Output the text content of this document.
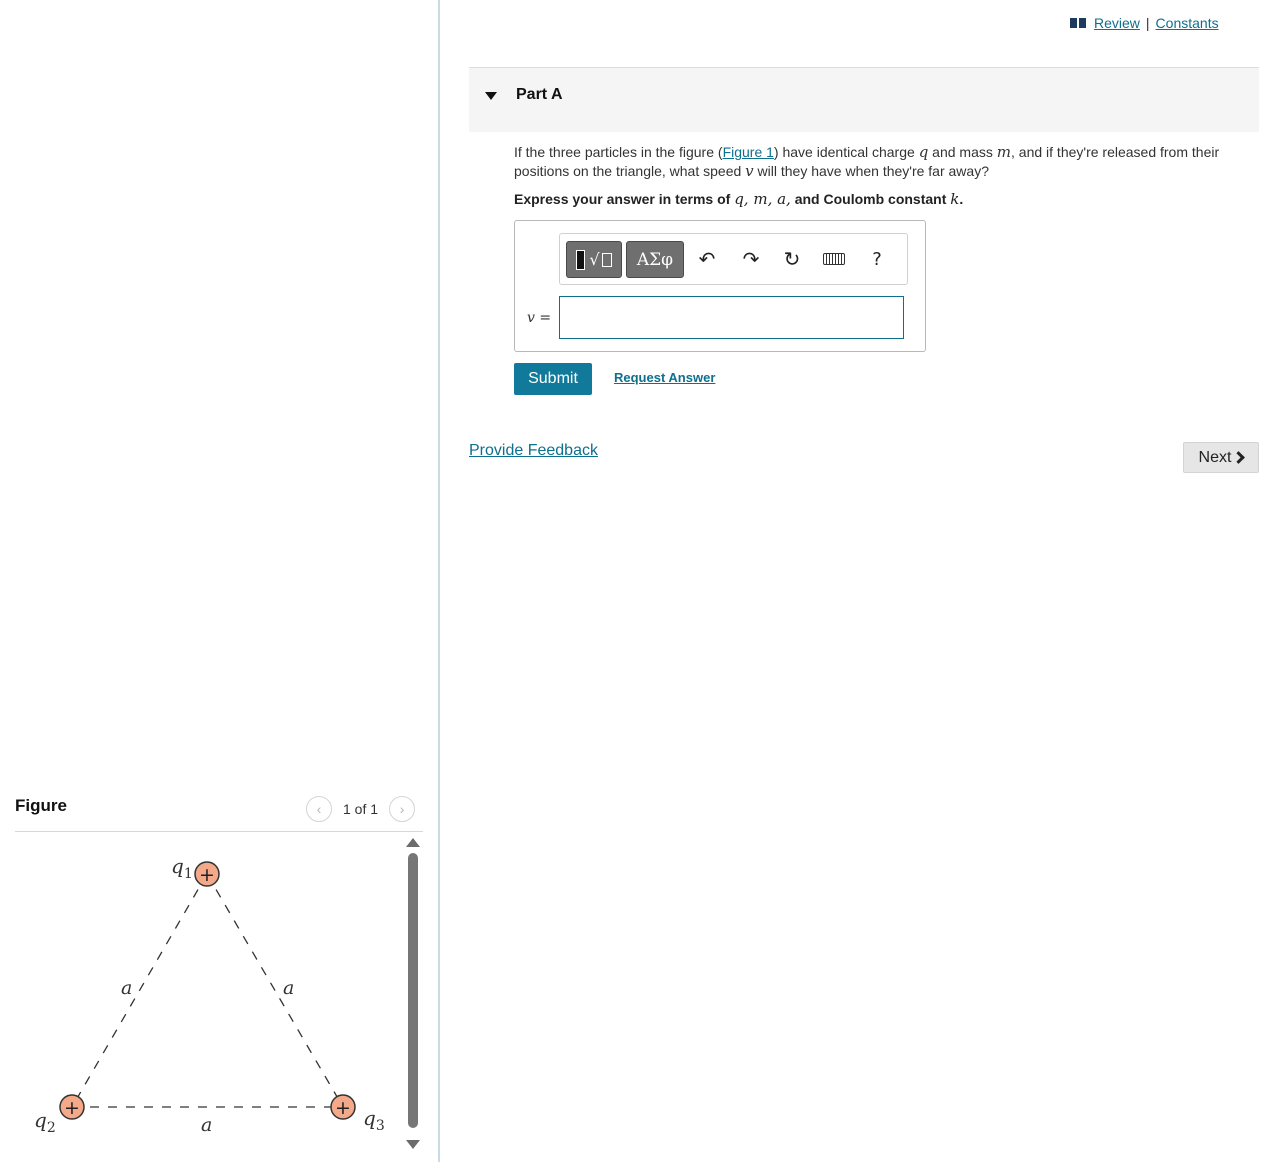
Figure	‹ 1 of 1 ›
+
+	+
$q_1$
$q_2$	$q_3$
a	a
a
Review | Constants
Part A
If the three particles in the figure (Figure 1) have identical charge q and mass m, and if they're released from their positions on the triangle, what speed v will they have when they're far away?
Express your answer in terms of q, m, a, and Coulomb constant k.
√ ΑΣφ ↶ ↷ ↻	?
v =
Submit	Request Answer
Provide Feedback	Next
